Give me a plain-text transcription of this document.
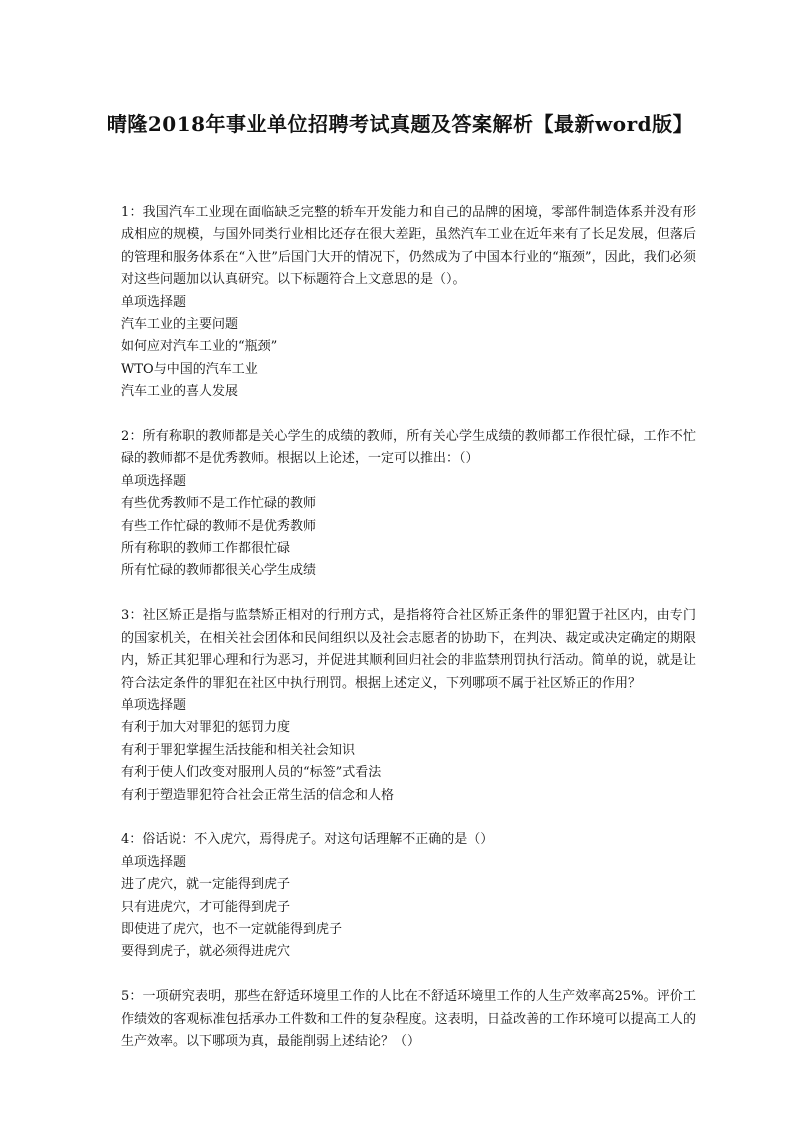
晴隆2018年事业单位招聘考试真题及答案解析【最新word版】
1：我国汽车工业现在面临缺乏完整的轿车开发能力和自己的品牌的困境，零部件制造体系并没有形成相应的规模，与国外同类行业相比还存在很大差距，虽然汽车工业在近年来有了长足发展，但落后的管理和服务体系在“入世”后国门大开的情况下，仍然成为了中国本行业的“瓶颈”，因此，我们必须对这些问题加以认真研究。以下标题符合上文意思的是（）。
单项选择题
汽车工业的主要问题
如何应对汽车工业的“瓶颈”
WTO与中国的汽车工业
汽车工业的喜人发展
2：所有称职的教师都是关心学生的成绩的教师，所有关心学生成绩的教师都工作很忙碌，工作不忙碌的教师都不是优秀教师。根据以上论述，一定可以推出：（）
单项选择题
有些优秀教师不是工作忙碌的教师
有些工作忙碌的教师不是优秀教师
所有称职的教师工作都很忙碌
所有忙碌的教师都很关心学生成绩
3：社区矫正是指与监禁矫正相对的行刑方式，是指将符合社区矫正条件的罪犯置于社区内，由专门的国家机关，在相关社会团体和民间组织以及社会志愿者的协助下，在判决、裁定或决定确定的期限内，矫正其犯罪心理和行为恶习，并促进其顺利回归社会的非监禁刑罚执行活动。简单的说，就是让符合法定条件的罪犯在社区中执行刑罚。根据上述定义，下列哪项不属于社区矫正的作用？
单项选择题
有利于加大对罪犯的惩罚力度
有利于罪犯掌握生活技能和相关社会知识
有利于使人们改变对服刑人员的“标签”式看法
有利于塑造罪犯符合社会正常生活的信念和人格
4：俗话说：不入虎穴，焉得虎子。对这句话理解不正确的是（）
单项选择题
进了虎穴，就一定能得到虎子
只有进虎穴，才可能得到虎子
即使进了虎穴，也不一定就能得到虎子
要得到虎子，就必须得进虎穴
5：一项研究表明，那些在舒适环境里工作的人比在不舒适环境里工作的人生产效率高25%。评价工作绩效的客观标准包括承办工件数和工件的复杂程度。这表明，日益改善的工作环境可以提高工人的生产效率。以下哪项为真，最能削弱上述结论？（）
